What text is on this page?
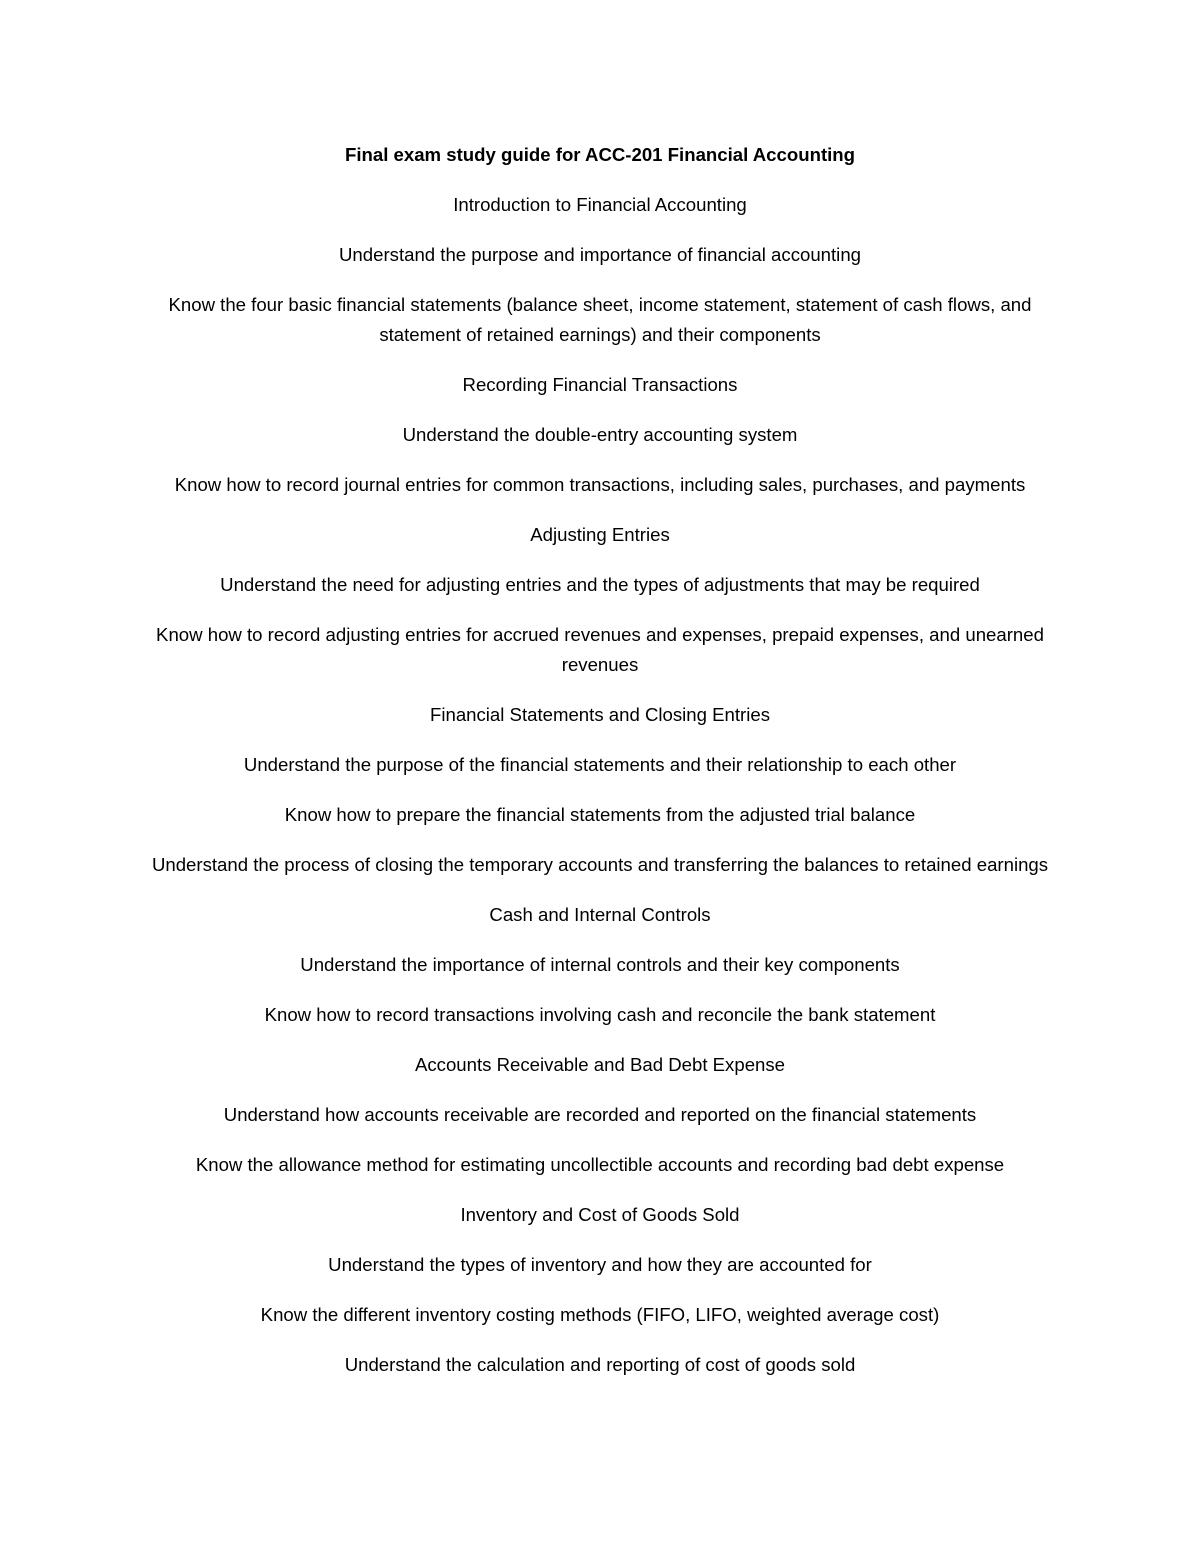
Final exam study guide for ACC-201 Financial Accounting

Introduction to Financial Accounting

Understand the purpose and importance of financial accounting

Know the four basic financial statements (balance sheet, income statement, statement of cash flows, and statement of retained earnings) and their components

Recording Financial Transactions

Understand the double-entry accounting system

Know how to record journal entries for common transactions, including sales, purchases, and payments

Adjusting Entries

Understand the need for adjusting entries and the types of adjustments that may be required

Know how to record adjusting entries for accrued revenues and expenses, prepaid expenses, and unearned revenues

Financial Statements and Closing Entries

Understand the purpose of the financial statements and their relationship to each other

Know how to prepare the financial statements from the adjusted trial balance

Understand the process of closing the temporary accounts and transferring the balances to retained earnings

Cash and Internal Controls

Understand the importance of internal controls and their key components

Know how to record transactions involving cash and reconcile the bank statement

Accounts Receivable and Bad Debt Expense

Understand how accounts receivable are recorded and reported on the financial statements

Know the allowance method for estimating uncollectible accounts and recording bad debt expense

Inventory and Cost of Goods Sold

Understand the types of inventory and how they are accounted for

Know the different inventory costing methods (FIFO, LIFO, weighted average cost)

Understand the calculation and reporting of cost of goods sold
